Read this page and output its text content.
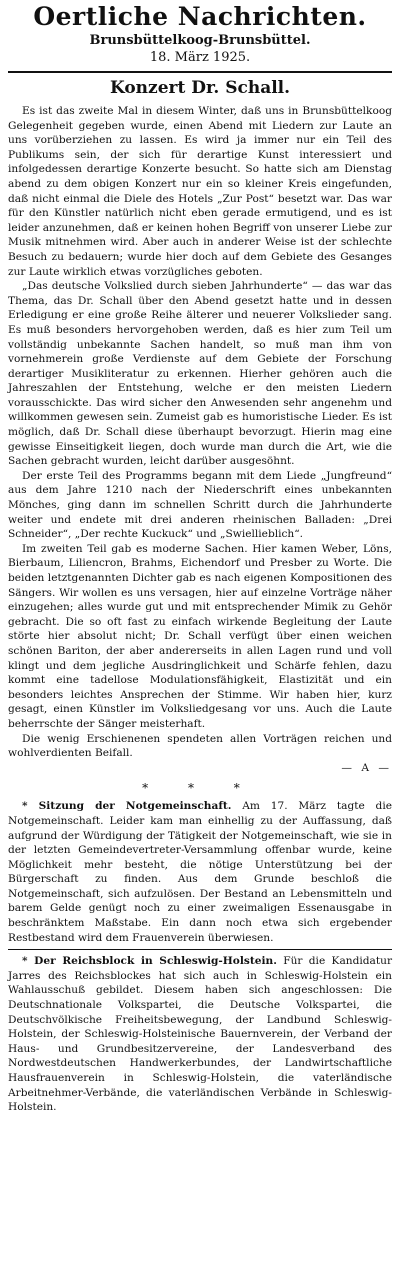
Oertliche Nachrichten.
Brunsbüttelkoog-Brunsbüttel.
18. März 1925.
Konzert Dr. Schall.

Es ist das zweite Mal in diesem Winter, daß uns in Brunsbüttelkoog Gelegenheit gegeben wurde, einen Abend mit Liedern zur Laute an uns vorüberziehen zu lassen. Es wird ja immer nur ein Teil des Publikums sein, der sich für derartige Kunst interessiert und infolgedessen derartige Konzerte besucht. So hatte sich am Dienstag abend zu dem obigen Konzert nur ein so kleiner Kreis eingefunden, daß nicht einmal die Diele des Hotels „Zur Post“ besetzt war. Das war für den Künstler natürlich nicht eben gerade ermutigend, und es ist leider anzunehmen, daß er keinen hohen Begriff von unserer Liebe zur Musik mitnehmen wird. Aber auch in anderer Weise ist der schlechte Besuch zu bedauern; wurde hier doch auf dem Gebiete des Gesanges zur Laute wirklich etwas vorzügliches geboten.

„Das deutsche Volkslied durch sieben Jahrhunderte“ — das war das Thema, das Dr. Schall über den Abend gesetzt hatte und in dessen Erledigung er eine große Reihe älterer und neuerer Volkslieder sang. Es muß besonders hervorgehoben werden, daß es hier zum Teil um vollständig unbekannte Sachen handelt, so muß man ihm von vornehmerein große Verdienste auf dem Gebiete der Forschung derartiger Musikliteratur zu erkennen. Hierher gehören auch die Jahreszahlen der Entstehung, welche er den meisten Liedern vorausschickte. Das wird sicher den Anwesenden sehr angenehm und willkommen gewesen sein. Zumeist gab es humoristische Lieder. Es ist möglich, daß Dr. Schall diese überhaupt bevorzugt. Hierin mag eine gewisse Einseitigkeit liegen, doch wurde man durch die Art, wie die Sachen gebracht wurden, leicht darüber ausgesöhnt.

Der erste Teil des Programms begann mit dem Liede „Jungfreund“ aus dem Jahre 1210 nach der Niederschrift eines unbekannten Mönches, ging dann im schnellen Schritt durch die Jahrhunderte weiter und endete mit drei anderen rheinischen Balladen: „Drei Schneider“, „Der rechte Kuckuck“ und „Swiellieblich“.

Im zweiten Teil gab es moderne Sachen. Hier kamen Weber, Löns, Bierbaum, Liliencron, Brahms, Eichendorf und Presber zu Worte. Die beiden letztgenannten Dichter gab es nach eigenen Kompositionen des Sängers. Wir wollen es uns versagen, hier auf einzelne Vorträge näher einzugehen; alles wurde gut und mit entsprechender Mimik zu Gehör gebracht. Die so oft fast zu einfach wirkende Begleitung der Laute störte hier absolut nicht; Dr. Schall verfügt über einen weichen schönen Bariton, der aber andererseits in allen Lagen rund und voll klingt und dem jegliche Ausdringlichkeit und Schärfe fehlen, dazu kommt eine tadellose Modulationsfähigkeit, Elastizität und ein besonders leichtes Ansprechen der Stimme. Wir haben hier, kurz gesagt, einen Künstler im Volksliedgesang vor uns. Auch die Laute beherrschte der Sänger meisterhaft.

Die wenig Erschienenen spendeten allen Vorträgen reichen und wohlverdienten Beifall.

— A —
* * *

* Sitzung der Notgemeinschaft. Am 17. März tagte die Notgemeinschaft. Leider kam man einhellig zu der Auffassung, daß aufgrund der Würdigung der Tätigkeit der Notgemeinschaft, wie sie in der letzten Gemeindevertreter-Versammlung offenbar wurde, keine Möglichkeit mehr besteht, die nötige Unterstützung bei der Bürgerschaft zu finden. Aus dem Grunde beschloß die Notgemeinschaft, sich aufzulösen. Der Bestand an Lebensmitteln und barem Gelde genügt noch zu einer zweimaligen Essenausgabe in beschränktem Maßstabe. Ein dann noch etwa sich ergebender Restbestand wird dem Frauenverein überwiesen.

* Der Reichsblock in Schleswig-Holstein. Für die Kandidatur Jarres des Reichsblockes hat sich auch in Schleswig-Holstein ein Wahlausschuß gebildet. Diesem haben sich angeschlossen: Die Deutschnationale Volkspartei, die Deutsche Volkspartei, die Deutschvölkische Freiheitsbewegung, der Landbund Schleswig-Holstein, der Schleswig-Holsteinische Bauernverein, der Verband der Haus- und Grundbesitzervereine, der Landesverband des Nordwestdeutschen Handwerkerbundes, der Landwirtschaftliche Hausfrauenverein in Schleswig-Holstein, die vaterländische Arbeitnehmer-Verbände, die vaterländischen Verbände in Schleswig-Holstein.
